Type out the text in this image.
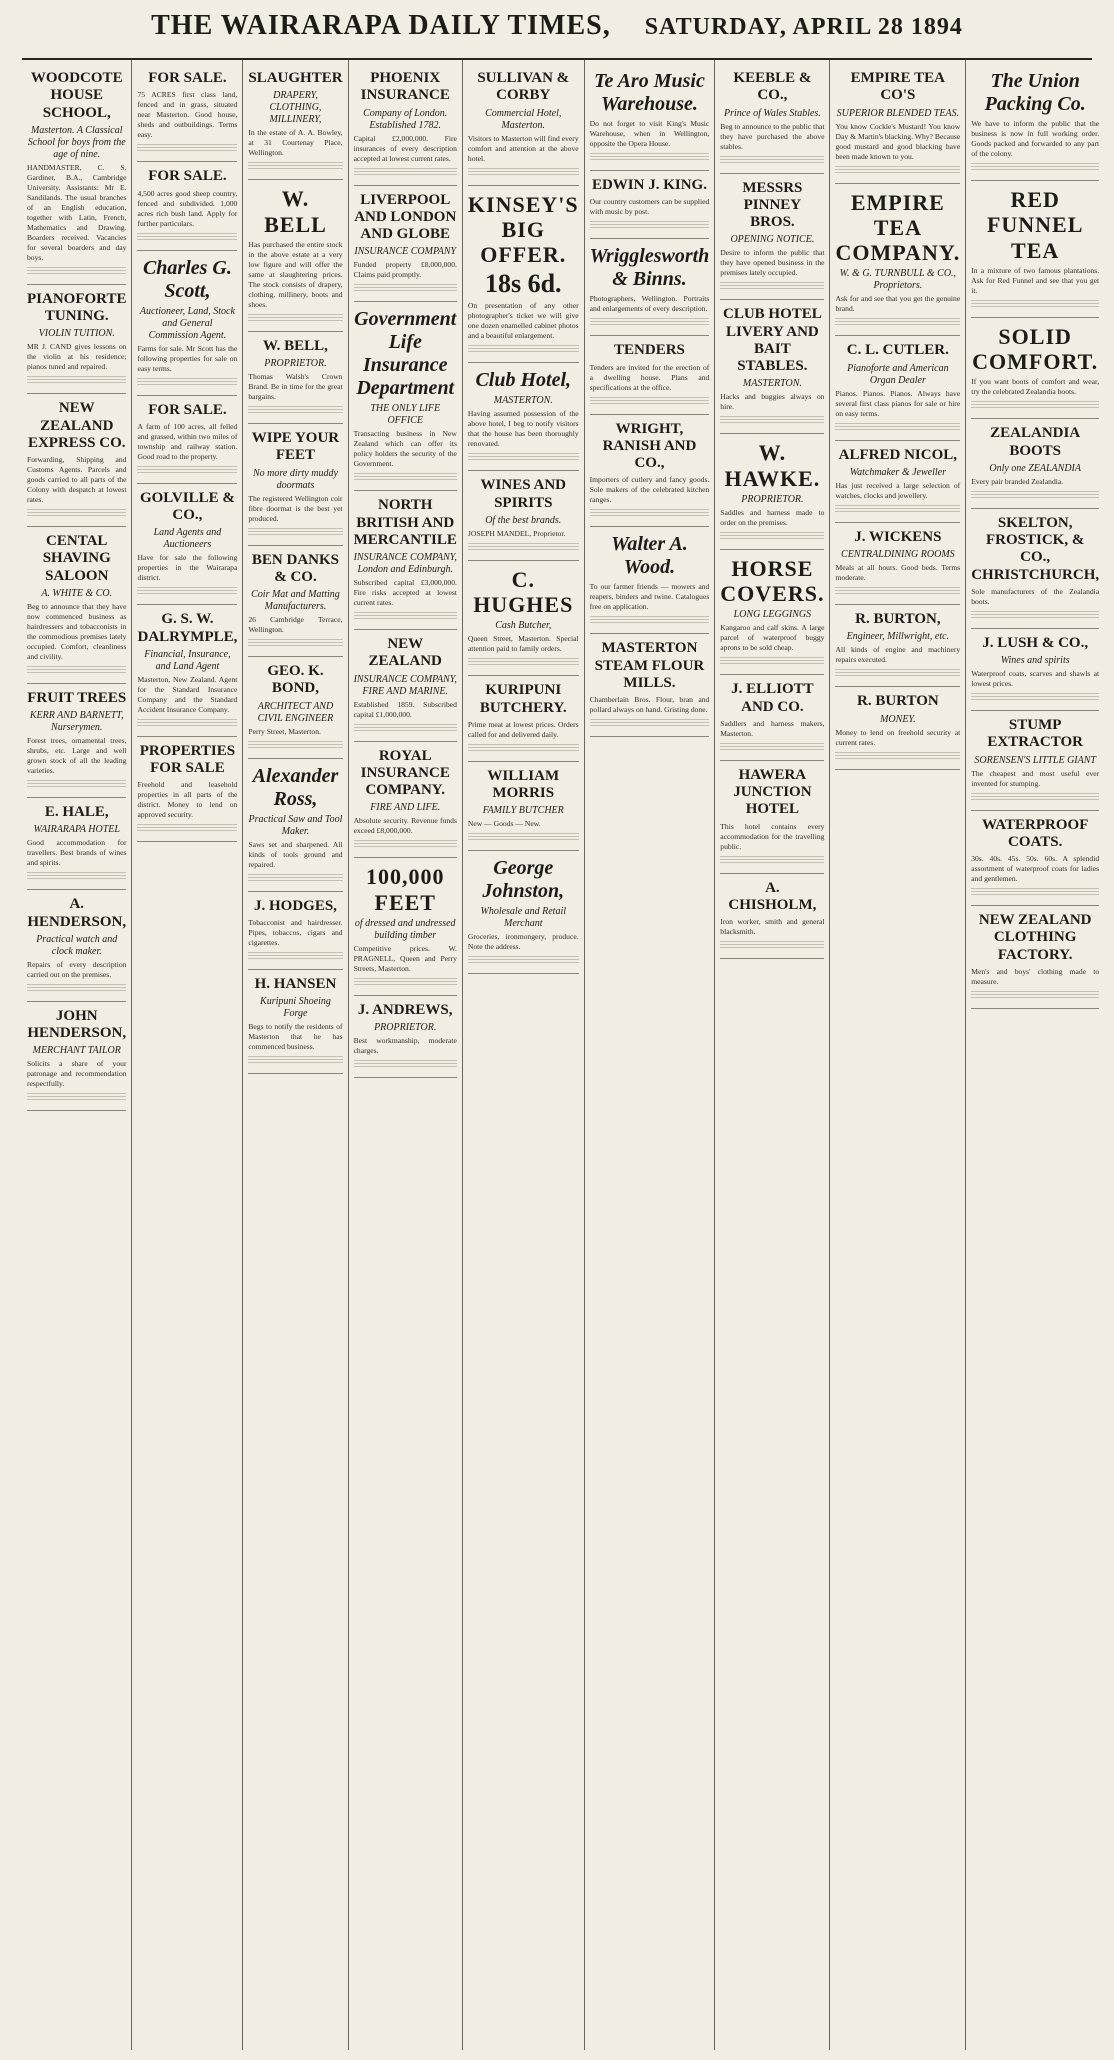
THE WAIRARAPA DAILY TIMES, SATURDAY, APRIL 28 1894
WOODCOTE HOUSE SCHOOL,
Masterton. A Classical School for boys from the age of nine.
HANDMASTER, C. S. Gardiner, B.A., Cambridge University. Assistants: Mr E. Sandilands. The usual branches of an English education, together with Latin, French, Mathematics and Drawing. Boarders received. Vacancies for several boarders and day boys.
PIANOFORTE TUNING.
VIOLIN TUITION.
MR J. CAND gives lessons on the violin at his residence; pianos tuned and repaired.
NEW ZEALAND EXPRESS CO.
Forwarding, Shipping and Customs Agents. Parcels and goods carried to all parts of the Colony with despatch at lowest rates.
CENTAL SHAVING SALOON
A. WHITE & CO.
Beg to announce that they have now commenced business as hairdressers and tobacconists in the commodious premises lately occupied. Comfort, cleanliness and civility.
FRUIT TREES
KERR AND BARNETT, Nurserymen.
Forest trees, ornamental trees, shrubs, etc. Large and well grown stock of all the leading varieties.
E. HALE,
WAIRARAPA HOTEL
Good accommodation for travellers. Best brands of wines and spirits.
A. HENDERSON,
Practical watch and clock maker.
Repairs of every description carried out on the premises.
JOHN HENDERSON,
MERCHANT TAILOR
Solicits a share of your patronage and recommendation respectfully.
FOR SALE.
75 ACRES first class land, fenced and in grass, situated near Masterton. Good house, sheds and outbuildings. Terms easy.
FOR SALE.
4,500 acres good sheep country, fenced and subdivided. 1,000 acres rich bush land. Apply for further particulars.
Charles G. Scott,
Auctioneer, Land, Stock and General Commission Agent.
Farms for sale. Mr Scott has the following properties for sale on easy terms.
FOR SALE.
A farm of 100 acres, all felled and grassed, within two miles of township and railway station. Good road to the property.
GOLVILLE & CO.,
Land Agents and Auctioneers
Have for sale the following properties in the Wairarapa district.
G. S. W. DALRYMPLE,
Financial, Insurance, and Land Agent
Masterton, New Zealand. Agent for the Standard Insurance Company and the Standard Accident Insurance Company.
PROPERTIES FOR SALE
Freehold and leasehold properties in all parts of the district. Money to lend on approved security.
SLAUGHTER
DRAPERY, CLOTHING, MILLINERY,
In the estate of A. A. Bowley, at 31 Courtenay Place, Wellington.
W. BELL
Has purchased the entire stock in the above estate at a very low figure and will offer the same at slaughtering prices. The stock consists of drapery, clothing, millinery, boots and shoes.
W. BELL,
PROPRIETOR.
Thomas Walsh's Crown Brand. Be in time for the great bargains.
WIPE YOUR FEET
No more dirty muddy doormats
The registered Wellington coir fibre doormat is the best yet produced.
BEN DANKS & CO.
Coir Mat and Matting Manufacturers.
26 Cambridge Terrace, Wellington.
GEO. K. BOND,
ARCHITECT AND CIVIL ENGINEER
Perry Street, Masterton.
Alexander Ross,
Practical Saw and Tool Maker.
Saws set and sharpened. All kinds of tools ground and repaired.
J. HODGES,
Tobacconist and hairdresser. Pipes, tobaccos, cigars and cigarettes.
H. HANSEN
Kuripuni Shoeing Forge
Begs to notify the residents of Masterton that he has commenced business.
PHOENIX INSURANCE
Company of London. Established 1782.
Capital £2,000,000. Fire insurances of every description accepted at lowest current rates.
LIVERPOOL AND LONDON AND GLOBE
INSURANCE COMPANY
Funded property £8,000,000. Claims paid promptly.
Government Life Insurance Department
THE ONLY LIFE OFFICE
Transacting business in New Zealand which can offer its policy holders the security of the Government.
NORTH BRITISH AND MERCANTILE
INSURANCE COMPANY, London and Edinburgh.
Subscribed capital £3,000,000. Fire risks accepted at lowest current rates.
NEW ZEALAND
INSURANCE COMPANY, FIRE AND MARINE.
Established 1859. Subscribed capital £1,000,000.
ROYAL INSURANCE COMPANY.
FIRE AND LIFE.
Absolute security. Revenue funds exceed £8,000,000.
100,000 FEET
of dressed and undressed building timber
Competitive prices. W. PRAGNELL, Queen and Perry Streets, Masterton.
J. ANDREWS,
PROPRIETOR.
Best workmanship, moderate charges.
SULLIVAN & CORBY
Commercial Hotel, Masterton.
Visitors to Masterton will find every comfort and attention at the above hotel.
KINSEY'S BIG OFFER.
18s 6d.
On presentation of any other photographer's ticket we will give one dozen enamelled cabinet photos and a beautiful enlargement.
Club Hotel,
MASTERTON.
Having assumed possession of the above hotel, I beg to notify visitors that the house has been thoroughly renovated.
WINES AND SPIRITS
Of the best brands.
JOSEPH MANDEL, Proprietor.
C. HUGHES
Cash Butcher,
Queen Street, Masterton. Special attention paid to family orders.
KURIPUNI BUTCHERY.
Prime meat at lowest prices. Orders called for and delivered daily.
WILLIAM MORRIS
FAMILY BUTCHER
New — Goods — New.
George Johnston,
Wholesale and Retail Merchant
Groceries, ironmongery, produce. Note the address.
Te Aro Music Warehouse.
Do not forget to visit King's Music Warehouse, when in Wellington, opposite the Opera House.
EDWIN J. KING.
Our country customers can be supplied with music by post.
Wrigglesworth & Binns.
Photographers, Wellington. Portraits and enlargements of every description.
TENDERS
Tenders are invited for the erection of a dwelling house. Plans and specifications at the office.
WRIGHT, RANISH AND CO.,
Importers of cutlery and fancy goods. Sole makers of the celebrated kitchen ranges.
Walter A. Wood.
To our farmer friends — mowers and reapers, binders and twine. Catalogues free on application.
MASTERTON STEAM FLOUR MILLS.
Chamberlain Bros. Flour, bran and pollard always on hand. Gristing done.
KEEBLE & CO.,
Prince of Wales Stables.
Beg to announce to the public that they have purchased the above stables.
MESSRS PINNEY BROS.
OPENING NOTICE.
Desire to inform the public that they have opened business in the premises lately occupied.
CLUB HOTEL LIVERY AND BAIT STABLES.
MASTERTON.
Hacks and buggies always on hire.
W. HAWKE.
PROPRIETOR.
Saddles and harness made to order on the premises.
HORSE COVERS.
LONG LEGGINGS
Kangaroo and calf skins. A large parcel of waterproof buggy aprons to be sold cheap.
J. ELLIOTT AND CO.
Saddlers and harness makers, Masterton.
HAWERA JUNCTION HOTEL
This hotel contains every accommodation for the travelling public.
A. CHISHOLM,
Iron worker, smith and general blacksmith.
EMPIRE TEA CO'S
SUPERIOR BLENDED TEAS.
You know Cockle's Mustard! You know Day & Martin's blacking. Why? Because good mustard and good blacking have been made known to you.
EMPIRE TEA COMPANY.
W. & G. TURNBULL & CO., Proprietors.
Ask for and see that you get the genuine brand.
C. L. CUTLER.
Pianoforte and American Organ Dealer
Pianos. Pianos. Pianos. Always have several first class pianos for sale or hire on easy terms.
ALFRED NICOL,
Watchmaker & Jeweller
Has just received a large selection of watches, clocks and jewellery.
J. WICKENS
CENTRALDINING ROOMS
Meals at all hours. Good beds. Terms moderate.
R. BURTON,
Engineer, Millwright, etc.
All kinds of engine and machinery repairs executed.
R. BURTON
MONEY.
Money to lend on freehold security at current rates.
The Union Packing Co.
We have to inform the public that the business is now in full working order. Goods packed and forwarded to any part of the colony.
RED FUNNEL TEA
In a mixture of two famous plantations. Ask for Red Funnel and see that you get it.
SOLID COMFORT.
If you want boots of comfort and wear, try the celebrated Zealandia boots.
ZEALANDIA BOOTS
Only one ZEALANDIA
Every pair branded Zealandia.
SKELTON, FROSTICK, & CO., CHRISTCHURCH,
Sole manufacturers of the Zealandia boots.
J. LUSH & CO.,
Wines and spirits
Waterproof coats, scarves and shawls at lowest prices.
STUMP EXTRACTOR
SORENSEN'S LITTLE GIANT
The cheapest and most useful ever invented for stumping.
WATERPROOF COATS.
30s. 40s. 45s. 50s. 60s. A splendid assortment of waterproof coats for ladies and gentlemen.
NEW ZEALAND CLOTHING FACTORY.
Men's and boys' clothing made to measure.
